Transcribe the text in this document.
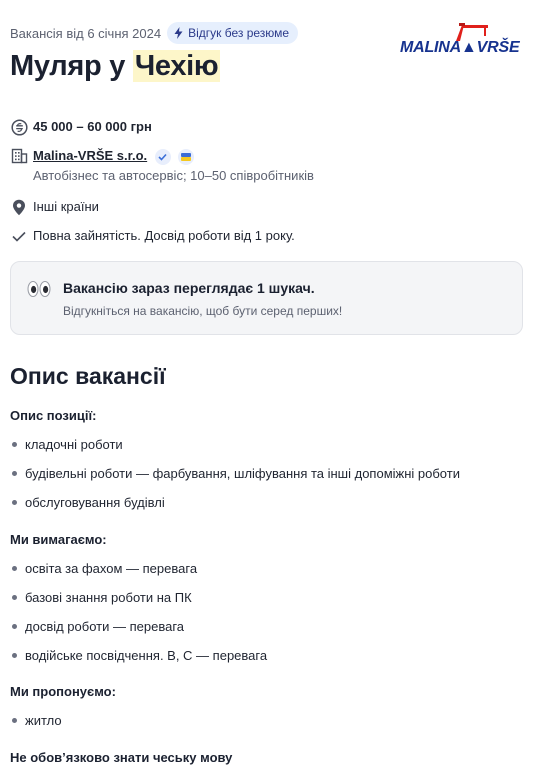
Вакансія від 6 січня 2024 Відгук без резюме
MALINA▲VRŠE
Муляр у Чехію
45 000 – 60 000 грн
Malina-VRŠE s.r.o.

Автобізнес та автосервіс; 10–50 співробітників
Інші країни
Повна зайнятість. Досвід роботи від 1 року.
Вакансію зараз переглядає 1 шукач.
Відгукніться на вакансію, щоб бути серед перших!
Опис вакансії
Опис позиції:
кладочні роботи
будівельні роботи — фарбування, шліфування та інші допоміжні роботи
обслуговування будівлі
Ми вимагаємо:
освіта за фахом — перевага
базові знання роботи на ПК
досвід роботи — перевага
водійське посвідчення. В, С — перевага
Ми пропонуємо:
житло
Не обов’язково знати чеську мову
